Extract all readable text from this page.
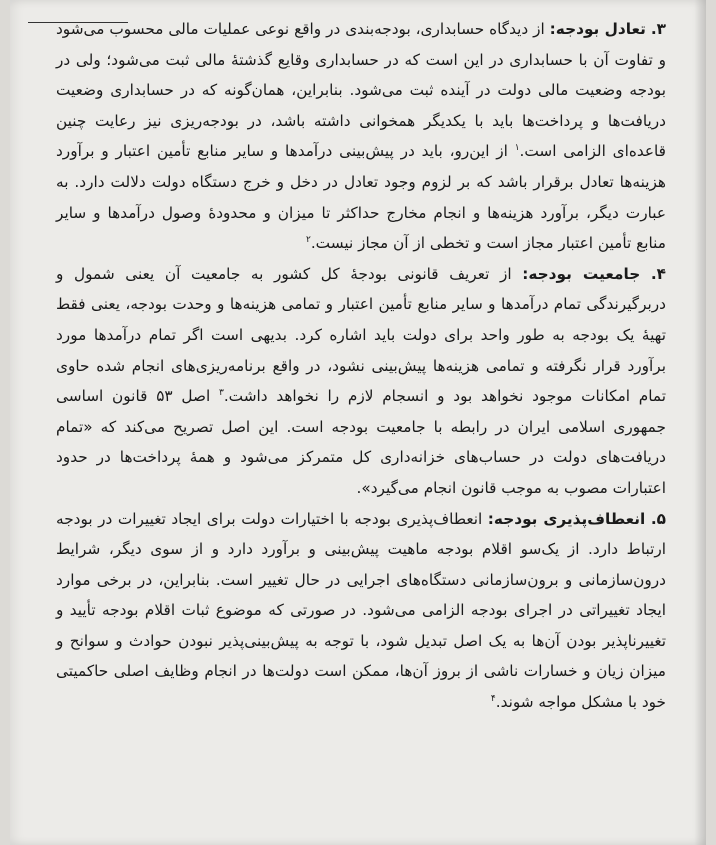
۳. تعادل بودجه: از دیدگاه حسابداری، بودجه‌بندی در واقع نوعی عملیات مالی محسوب می‌شود و تفاوت آن با حسابداری در این است که در حسابداری وقایع گذشتهٔ مالی ثبت می‌شود؛ ولی در بودجه وضعیت مالی دولت در آینده ثبت می‌شود. بنابراین، همان‌گونه که در حسابداری وضعیت دریافت‌ها و پرداخت‌ها باید با یکدیگر همخوانی داشته باشد، در بودجه‌ریزی نیز رعایت چنین قاعده‌ای الزامی است.$^۱$ از این‌رو، باید در پیش‌بینی درآمدها و سایر منابع تأمین اعتبار و برآورد هزینه‌ها تعادل برقرار باشد که بر لزوم وجود تعادل در دخل و خرج دستگاه دولت دلالت دارد. به عبارت دیگر، برآورد هزینه‌ها و انجام مخارج حداکثر تا میزان و محدودهٔ وصول درآمدها و سایر منابع تأمین اعتبار مجاز است و تخطی از آن مجاز نیست.$^۲$

۴. جامعیت بودجه: از تعریف قانونی بودجهٔ کل کشور به جامعیت آن یعنی شمول و دربرگیرندگی تمام درآمدها و سایر منابع تأمین اعتبار و تمامی هزینه‌ها و وحدت بودجه، یعنی فقط تهیهٔ یک بودجه به طور واحد برای دولت باید اشاره کرد. بدیهی است اگر تمام درآمدها مورد برآورد قرار نگرفته و تمامی هزینه‌ها پیش‌بینی نشود، در واقع برنامه‌ریزی‌های انجام شده حاوی تمام امکانات موجود نخواهد بود و انسجام لازم را نخواهد داشت.$^۳$ اصل ۵۳ قانون اساسی جمهوری اسلامی ایران در رابطه با جامعیت بودجه است. این اصل تصریح می‌کند که «تمام دریافت‌های دولت در حساب‌های خزانه‌داری کل متمرکز می‌شود و همهٔ پرداخت‌ها در حدود اعتبارات مصوب به موجب قانون انجام می‌گیرد».

۵. انعطاف‌پذیری بودجه: انعطاف‌پذیری بودجه با اختیارات دولت برای ایجاد تغییرات در بودجه ارتباط دارد. از یک‌سو اقلام بودجه ماهیت پیش‌بینی و برآورد دارد و از سوی دیگر، شرایط درون‌سازمانی و برون‌سازمانی دستگاه‌های اجرایی در حال تغییر است. بنابراین، در برخی موارد ایجاد تغییراتی در اجرای بودجه الزامی می‌شود. در صورتی که موضوع ثبات اقلام بودجه تأیید و تغییرناپذیر بودن آن‌ها به یک اصل تبدیل شود، با توجه به پیش‌بینی‌پذیر نبودن حوادث و سوانح و میزان زیان و خسارات ناشی از بروز آن‌ها، ممکن است دولت‌ها در انجام وظایف اصلی حاکمیتی خود با مشکل مواجه شوند.$^۴$
